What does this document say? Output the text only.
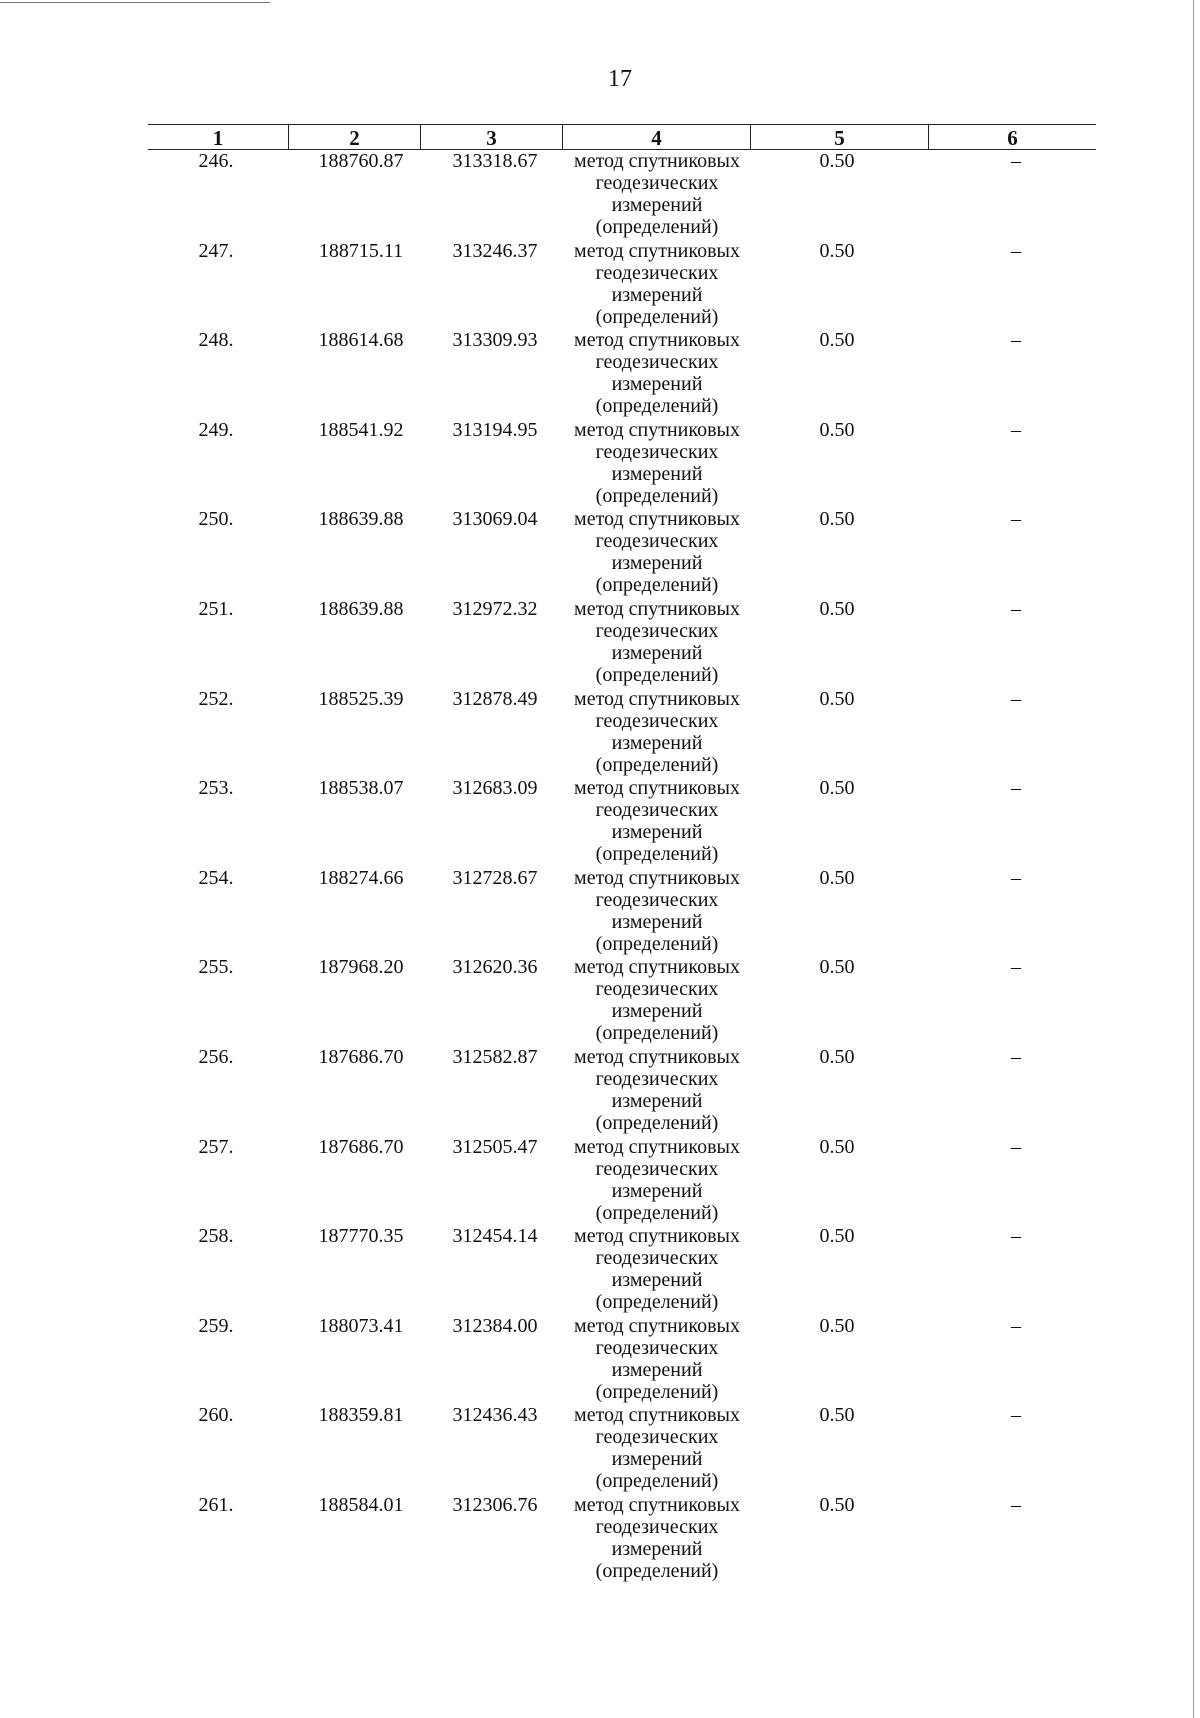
17
1	2	3	4	5	6
246.	188760.87	313318.67	метод спутниковых
геодезических
измерений
(определений)
0.50	–
247.	188715.11	313246.37	метод спутниковых
геодезических
измерений
(определений)
0.50	–
248.	188614.68	313309.93	метод спутниковых
геодезических
измерений
(определений)
0.50	–
249.	188541.92	313194.95	метод спутниковых
геодезических
измерений
(определений)
0.50	–
250.	188639.88	313069.04	метод спутниковых
геодезических
измерений
(определений)
0.50	–
251.	188639.88	312972.32	метод спутниковых
геодезических
измерений
(определений)
0.50	–
252.	188525.39	312878.49	метод спутниковых
геодезических
измерений
(определений)
0.50	–
253.	188538.07	312683.09	метод спутниковых
геодезических
измерений
(определений)
0.50	–
254.	188274.66	312728.67	метод спутниковых
геодезических
измерений
(определений)
0.50	–
255.	187968.20	312620.36	метод спутниковых
геодезических
измерений
(определений)
0.50	–
256.	187686.70	312582.87	метод спутниковых
геодезических
измерений
(определений)
0.50	–
257.	187686.70	312505.47	метод спутниковых
геодезических
измерений
(определений)
0.50	–
258.	187770.35	312454.14	метод спутниковых
геодезических
измерений
(определений)
0.50	–
259.	188073.41	312384.00	метод спутниковых
геодезических
измерений
(определений)
0.50	–
260.	188359.81	312436.43	метод спутниковых
геодезических
измерений
(определений)
0.50	–
261.	188584.01	312306.76	метод спутниковых
геодезических
измерений
(определений)
0.50	–
